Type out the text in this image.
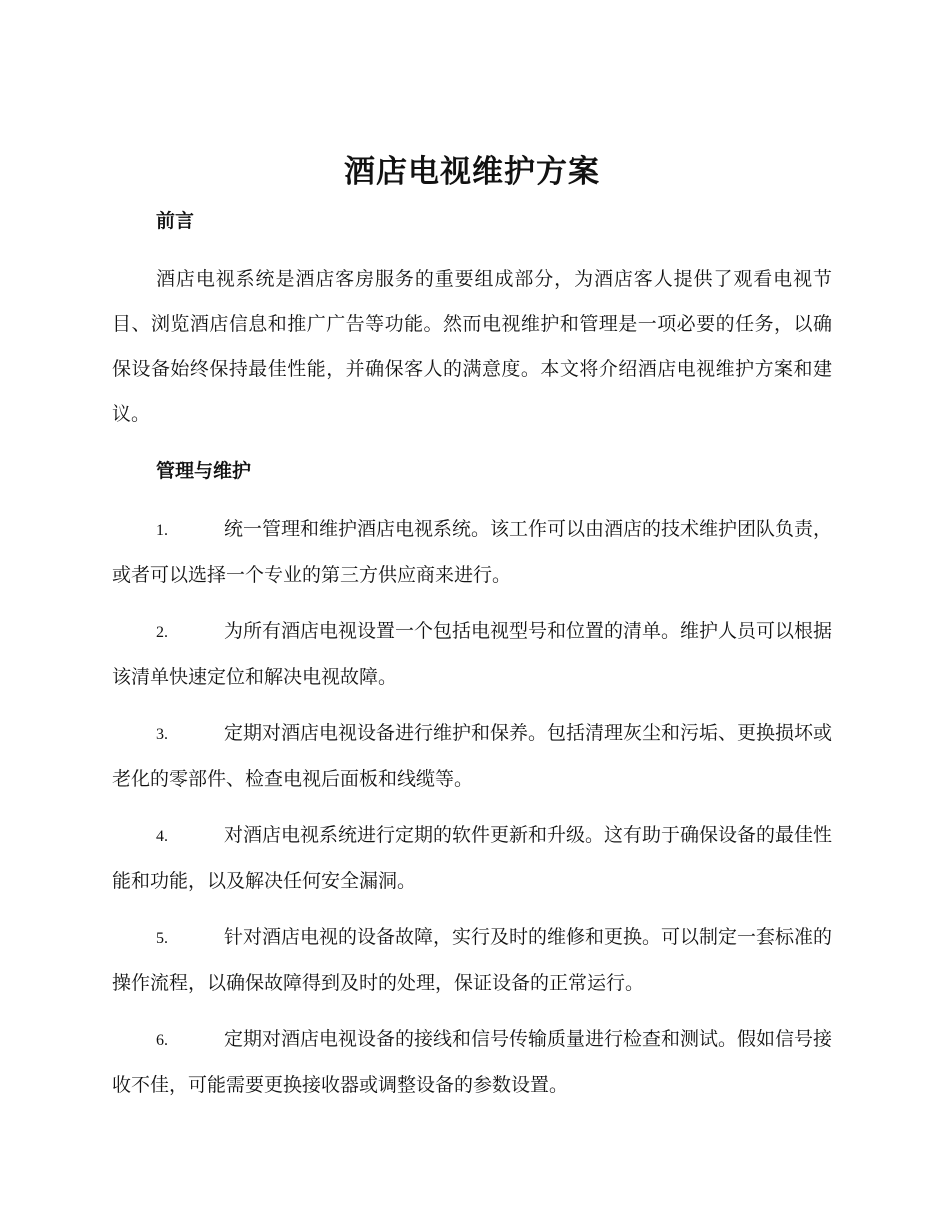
酒店电视维护方案
前言

酒店电视系统是酒店客房服务的重要组成部分，为酒店客人提供了观看电视节目、浏览酒店信息和推广广告等功能。然而电视维护和管理是一项必要的任务，以确保设备始终保持最佳性能，并确保客人的满意度。本文将介绍酒店电视维护方案和建议。

管理与维护

1.	统一管理和维护酒店电视系统。该工作可以由酒店的技术维护团队负责，或者可以选择一个专业的第三方供应商来进行。

2.	为所有酒店电视设置一个包括电视型号和位置的清单。维护人员可以根据该清单快速定位和解决电视故障。

3.	定期对酒店电视设备进行维护和保养。包括清理灰尘和污垢、更换损坏或老化的零部件、检查电视后面板和线缆等。

4.	对酒店电视系统进行定期的软件更新和升级。这有助于确保设备的最佳性能和功能，以及解决任何安全漏洞。

5.	针对酒店电视的设备故障，实行及时的维修和更换。可以制定一套标准的操作流程，以确保故障得到及时的处理，保证设备的正常运行。

6.	定期对酒店电视设备的接线和信号传输质量进行检查和测试。假如信号接收不佳，可能需要更换接收器或调整设备的参数设置。
